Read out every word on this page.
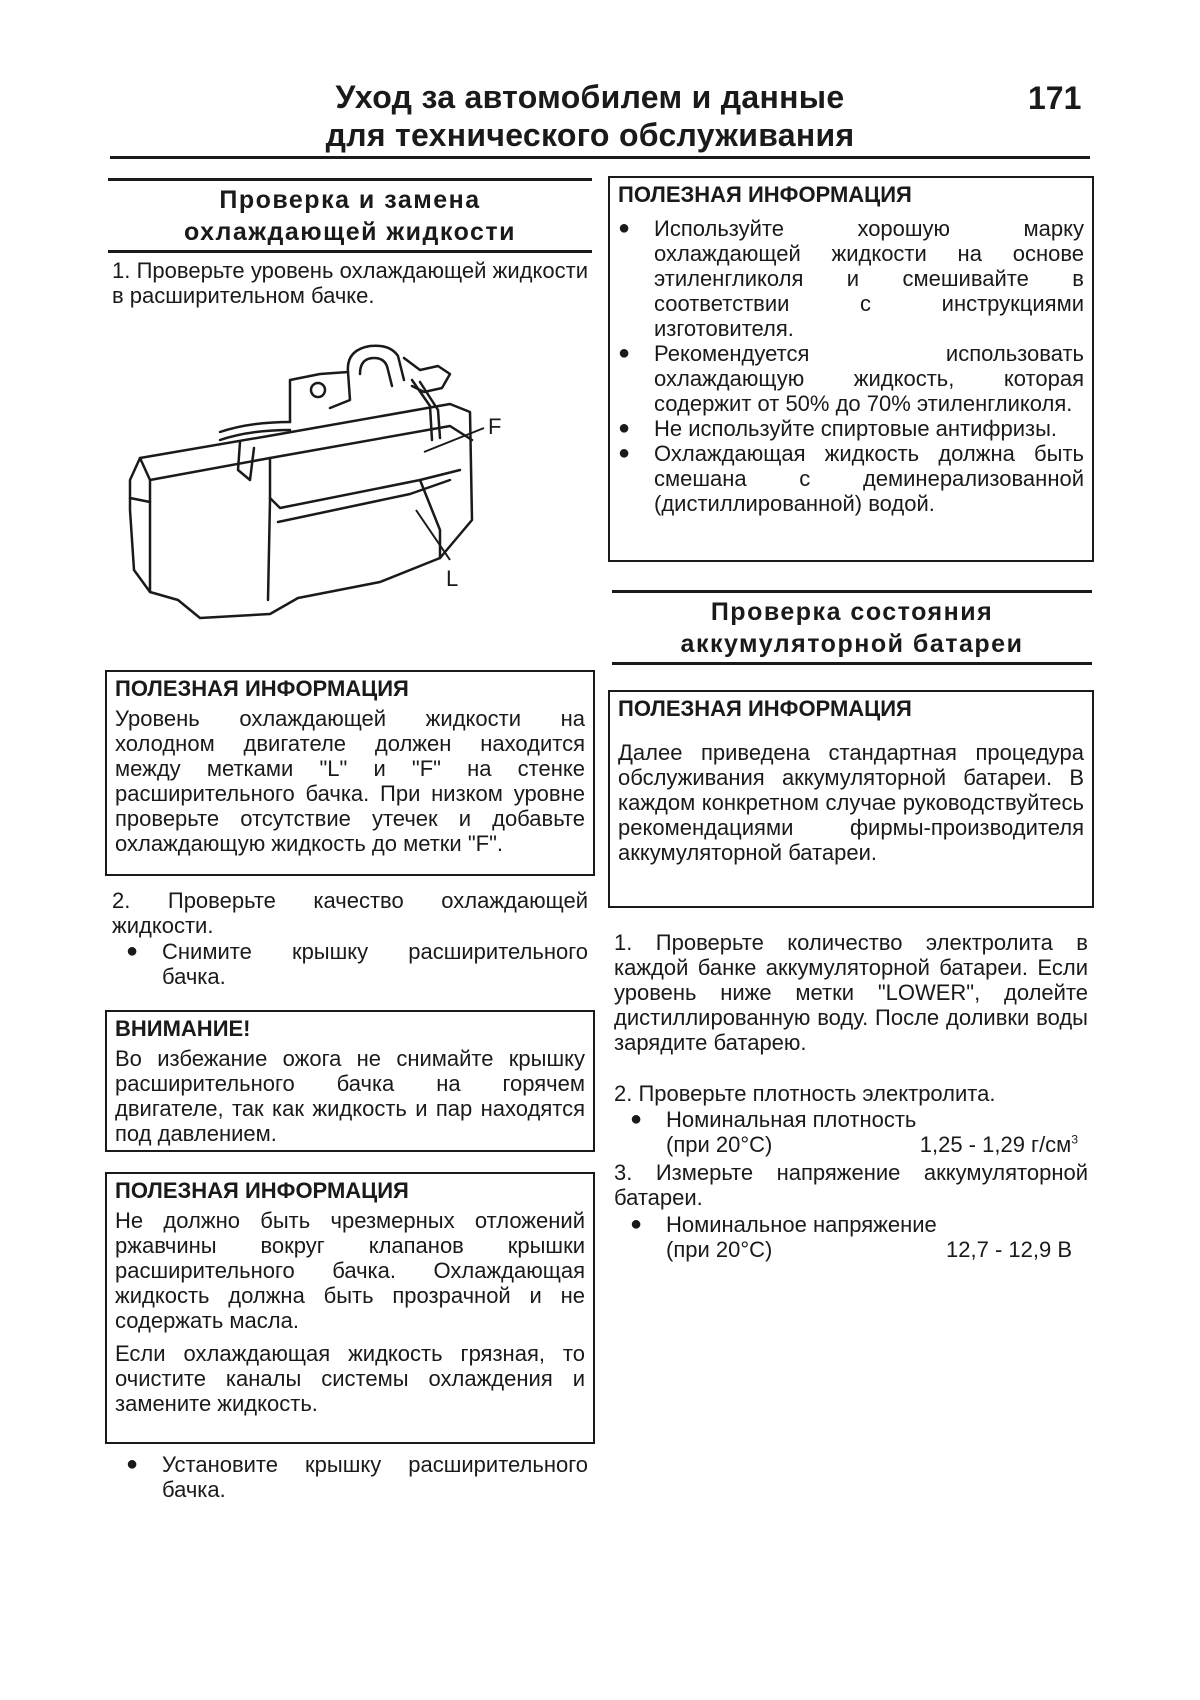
Уход за автомобилем и данные
для технического обслуживания
171
Проверка и замена
охлаждающей жидкости
1. Проверьте уровень охлаждающей жидкости в расширительном бачке.
F
L
ПОЛЕЗНАЯ ИНФОРМАЦИЯ

Уровень охлаждающей жидкости на холодном двигателе должен находится между метками "L" и "F" на стенке расширительного бачка. При низком уровне проверьте отсутствие утечек и добавьте охлаждающую жидкость до метки "F".

2. Проверьте качество охлаждающей жидкости.
●	Снимите крышку расширительного бачка.
ВНИМАНИЕ!

Во избежание ожога не снимайте крышку расширительного бачка на горячем двигателе, так как жидкость и пар находятся под давлением.

ПОЛЕЗНАЯ ИНФОРМАЦИЯ

Не должно быть чрезмерных отложений ржавчины вокруг клапанов крышки расширительного бачка. Охлаждающая жидкость должна быть прозрачной и не содержать масла.

Если охлаждающая жидкость грязная, то очистите каналы системы охлаждения и замените жидкость.

●	Установите крышку расширительного бачка.
ПОЛЕЗНАЯ ИНФОРМАЦИЯ
●	Используйте хорошую марку охлаждающей жидкости на основе этиленгликоля и смешивайте в соответствии с инструкциями изготовителя.
●	Рекомендуется использовать охлаждающую жидкость, которая содержит от 50% до 70% этиленгликоля.
●	Не используйте спиртовые антифризы.
●	Охлаждающая жидкость должна быть смешана с деминерализованной (дистиллированной) водой.
Проверка состояния
аккумуляторной батареи
ПОЛЕЗНАЯ ИНФОРМАЦИЯ

Далее приведена стандартная процедура обслуживания аккумуляторной батареи. В каждом конкретном случае руководствуйтесь рекомендациями фирмы-производителя аккумуляторной батареи.

1. Проверьте количество электролита в каждой банке аккумуляторной батареи. Если уровень ниже метки "LOWER", долейте дистиллированную воду. После доливки воды зарядите батарею.
2. Проверьте плотность электролита.
●	Номинальная плотность
(при 20°С)	1,25 - 1,29 $г/см^3$
3. Измерьте напряжение аккумуляторной батареи.
●	Номинальное напряжение
(при 20°С)	12,7 - 12,9 В
